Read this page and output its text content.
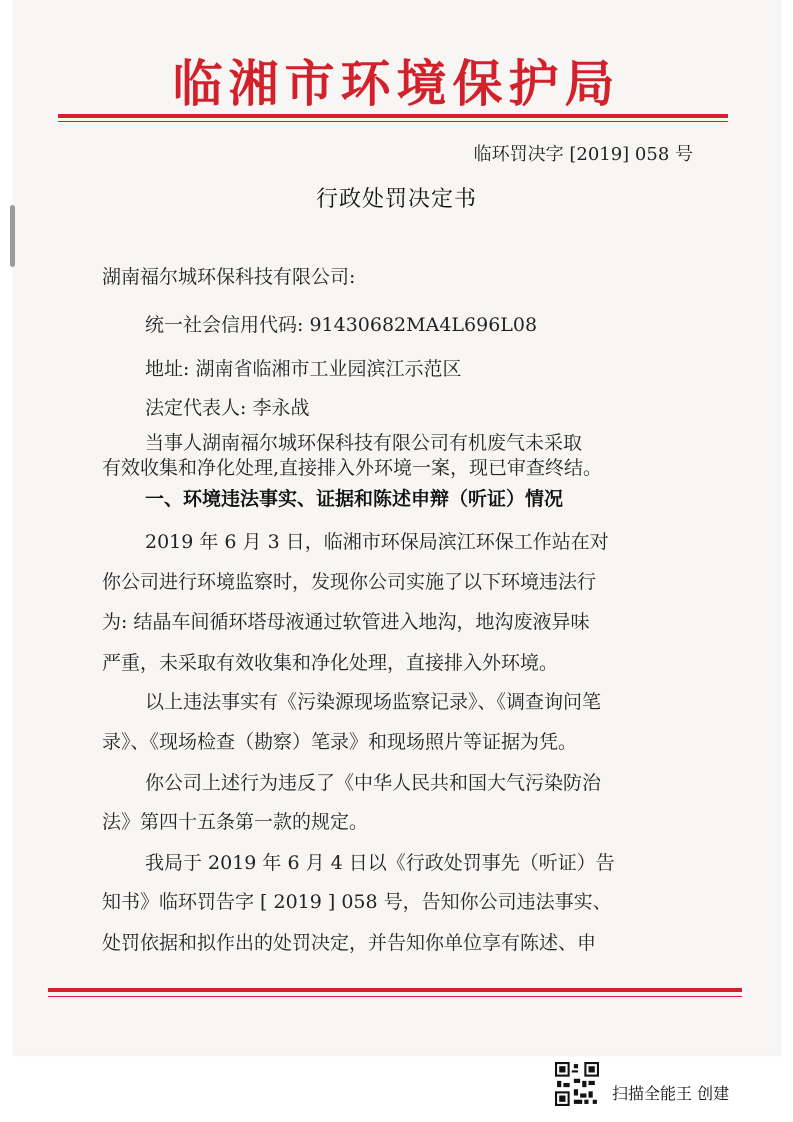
临湘市环境保护局
临环罚决字 [2019] 058 号
行政处罚决定书
湖南福尔城环保科技有限公司:
统一社会信用代码: 91430682MA4L696L08
地址: 湖南省临湘市工业园滨江示范区
法定代表人: 李永战
当事人湖南福尔城环保科技有限公司有机废气未采取
有效收集和净化处理,直接排入外环境一案，现已审查终结。
一、环境违法事实、证据和陈述申辩（听证）情况
2019 年 6 月 3 日，临湘市环保局滨江环保工作站在对
你公司进行环境监察时，发现你公司实施了以下环境违法行
为: 结晶车间循环塔母液通过软管进入地沟，地沟废液异味
严重，未采取有效收集和净化处理，直接排入外环境。
以上违法事实有《污染源现场监察记录》、《调查询问笔
录》、《现场检查（勘察）笔录》和现场照片等证据为凭。
你公司上述行为违反了《中华人民共和国大气污染防治
法》第四十五条第一款的规定。
我局于 2019 年 6 月 4 日以《行政处罚事先（听证）告
知书》临环罚告字 [ 2019 ] 058 号，告知你公司违法事实、
处罚依据和拟作出的处罚决定，并告知你单位享有陈述、申
扫描全能王 创建
